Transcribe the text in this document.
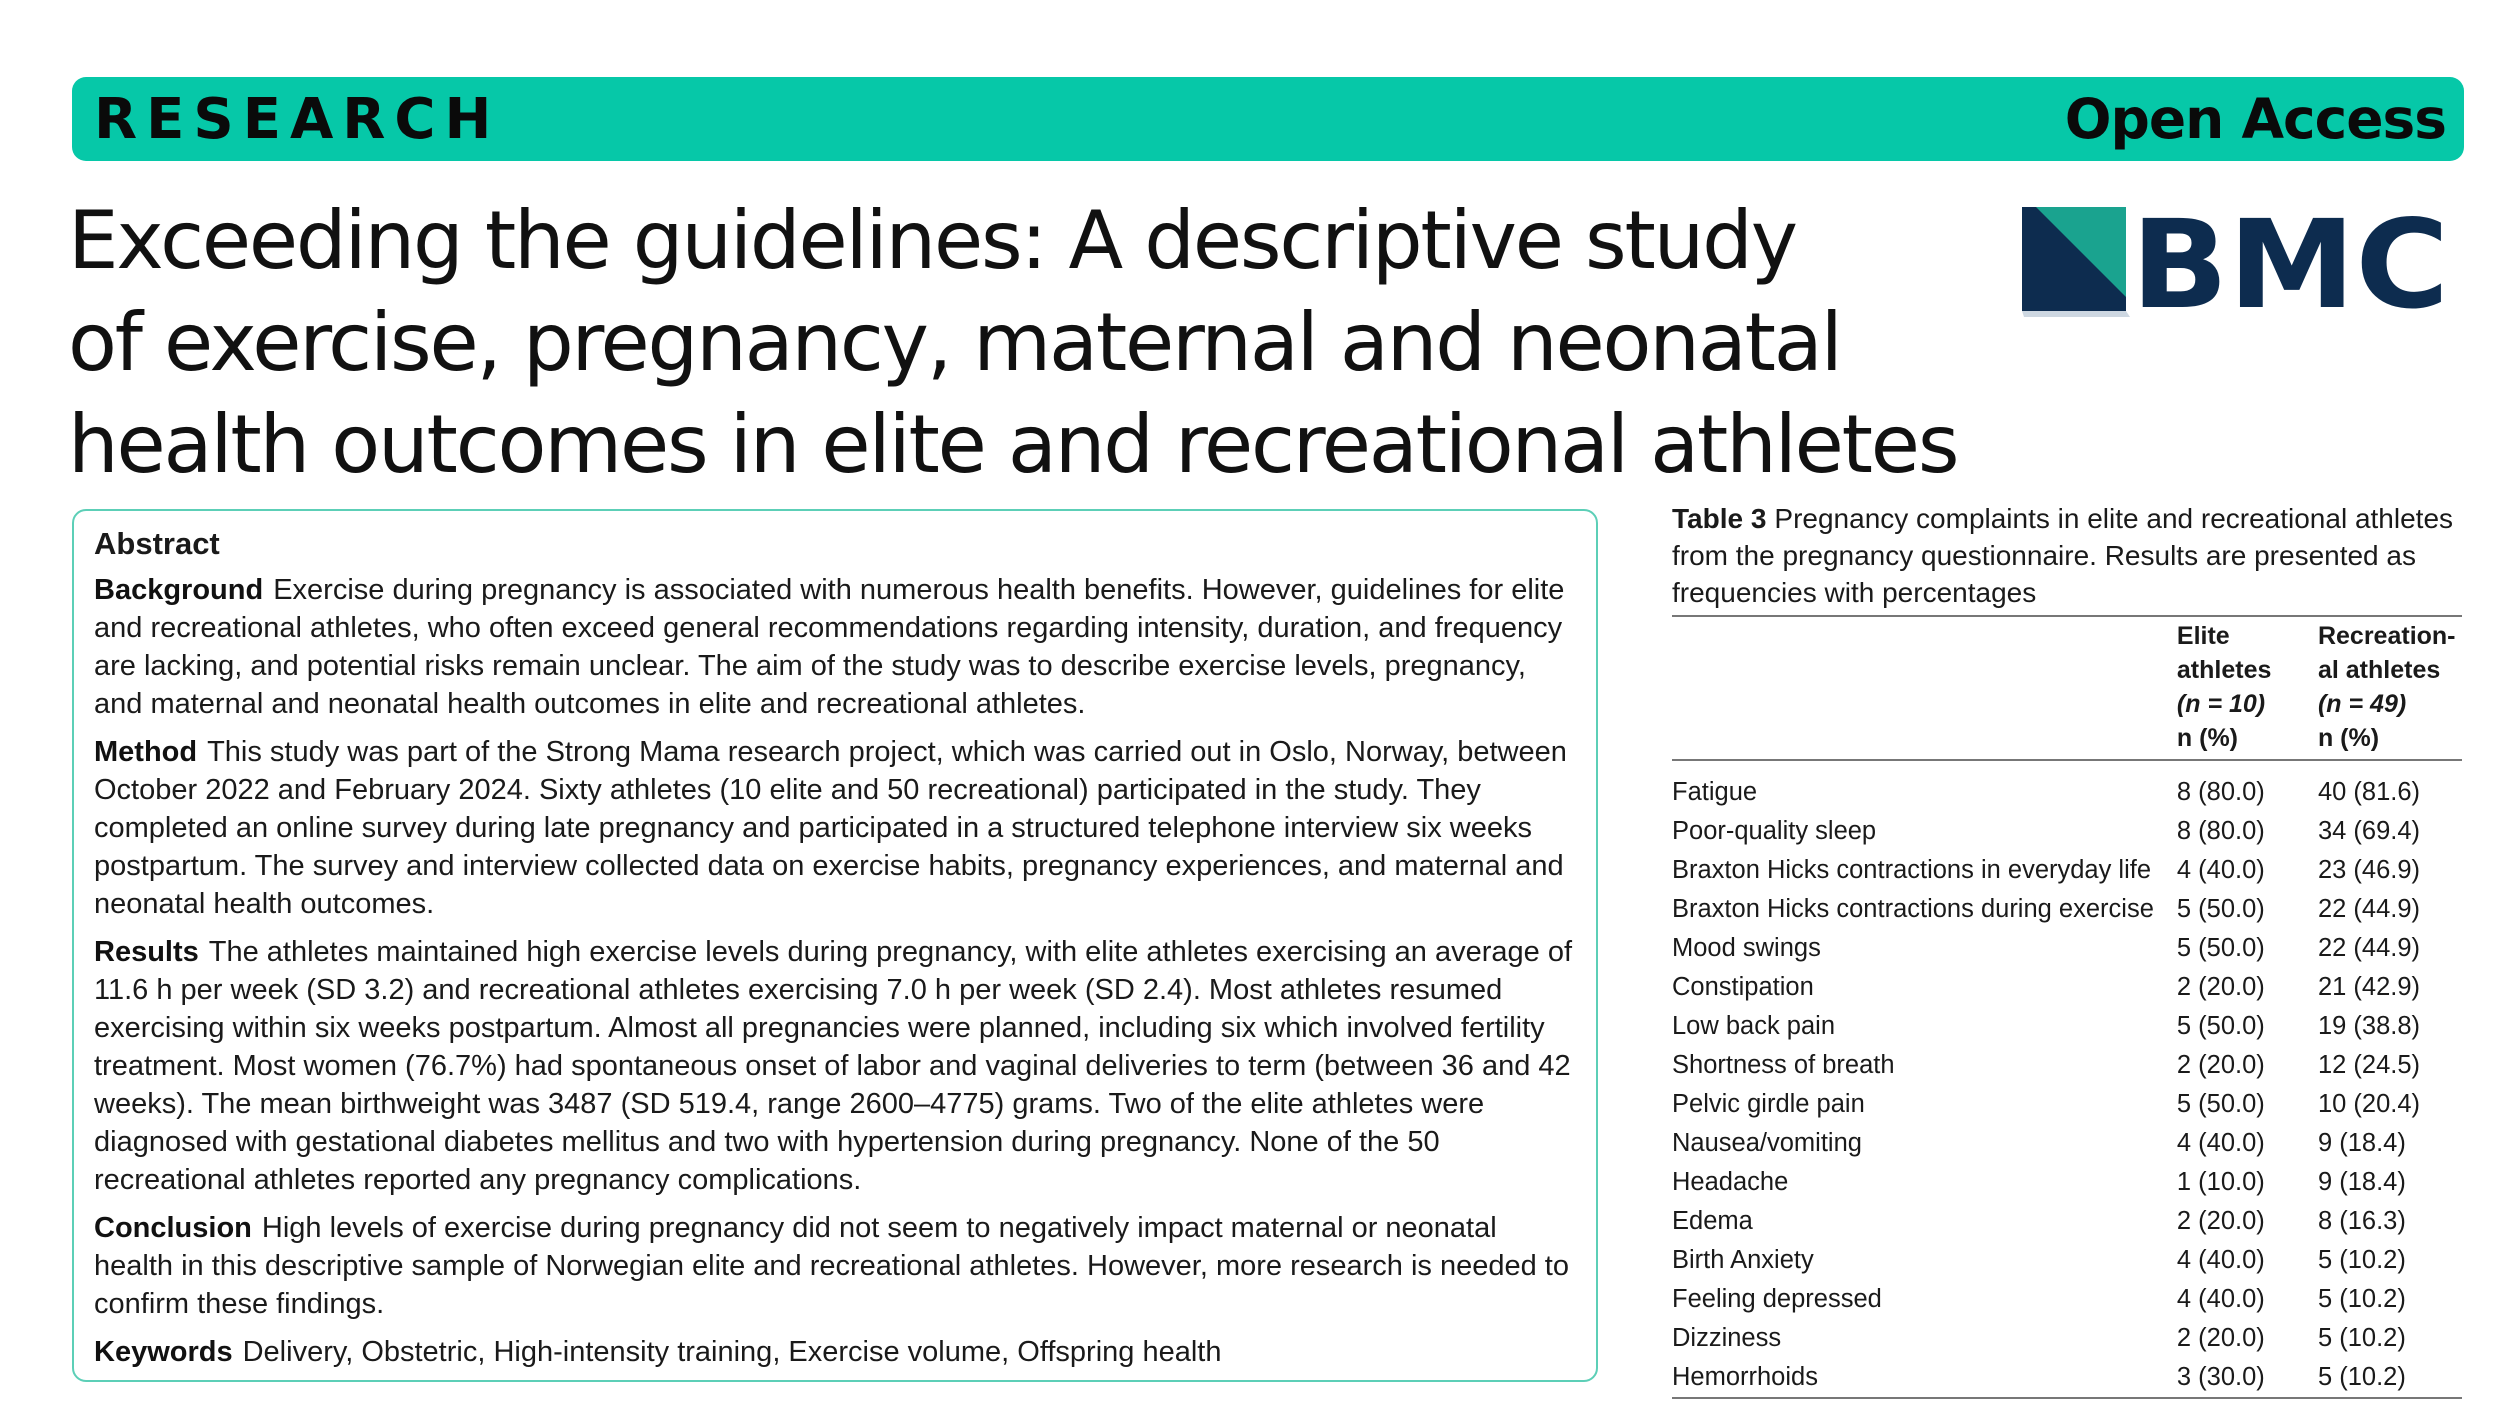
RESEARCH	Open Access
Exceeding the guidelines: A descriptive study
of exercise, pregnancy, maternal and neonatal
health outcomes in elite and recreational athletes
BMC
Abstract

Background Exercise during pregnancy is associated with numerous health benefits. However, guidelines for elite and recreational athletes, who often exceed general recommendations regarding intensity, duration, and frequency are lacking, and potential risks remain unclear. The aim of the study was to describe exercise levels, pregnancy, and maternal and neonatal health outcomes in elite and recreational athletes.

Method This study was part of the Strong Mama research project, which was carried out in Oslo, Norway, between October 2022 and February 2024. Sixty athletes (10 elite and 50 recreational) participated in the study. They completed an online survey during late pregnancy and participated in a structured telephone interview six weeks postpartum. The survey and interview collected data on exercise habits, pregnancy experiences, and maternal and neonatal health outcomes.

Results The athletes maintained high exercise levels during pregnancy, with elite athletes exercising an average of 11.6 h per week (SD 3.2) and recreational athletes exercising 7.0 h per week (SD 2.4). Most athletes resumed exercising within six weeks postpartum. Almost all pregnancies were planned, including six which involved fertility treatment. Most women (76.7%) had spontaneous onset of labor and vaginal deliveries to term (between 36 and 42 weeks). The mean birthweight was 3487 (SD 519.4, range 2600–4775) grams. Two of the elite athletes were diagnosed with gestational diabetes mellitus and two with hypertension during pregnancy. None of the 50 recreational athletes reported any pregnancy complications.

Conclusion High levels of exercise during pregnancy did not seem to negatively impact maternal or neonatal health in this descriptive sample of Norwegian elite and recreational athletes. However, more research is needed to confirm these findings.

Keywords Delivery, Obstetric, High-intensity training, Exercise volume, Offspring health

Table 3 Pregnancy complaints in elite and recreational athletes from the pregnancy questionnaire. Results are presented as frequencies with percentages

	Elite
athletes
(n = 10)
n (%)	Recreation-
al athletes
(n = 49)
n (%)
Fatigue	8 (80.0)	40 (81.6)
Poor-quality sleep	8 (80.0)	34 (69.4)
Braxton Hicks contractions in everyday life	4 (40.0)	23 (46.9)
Braxton Hicks contractions during exercise	5 (50.0)	22 (44.9)
Mood swings	5 (50.0)	22 (44.9)
Constipation	2 (20.0)	21 (42.9)
Low back pain	5 (50.0)	19 (38.8)
Shortness of breath	2 (20.0)	12 (24.5)
Pelvic girdle pain	5 (50.0)	10 (20.4)
Nausea/vomiting	4 (40.0)	9 (18.4)
Headache	1 (10.0)	9 (18.4)
Edema	2 (20.0)	8 (16.3)
Birth Anxiety	4 (40.0)	5 (10.2)
Feeling depressed	4 (40.0)	5 (10.2)
Dizziness	2 (20.0)	5 (10.2)
Hemorrhoids	3 (30.0)	5 (10.2)
